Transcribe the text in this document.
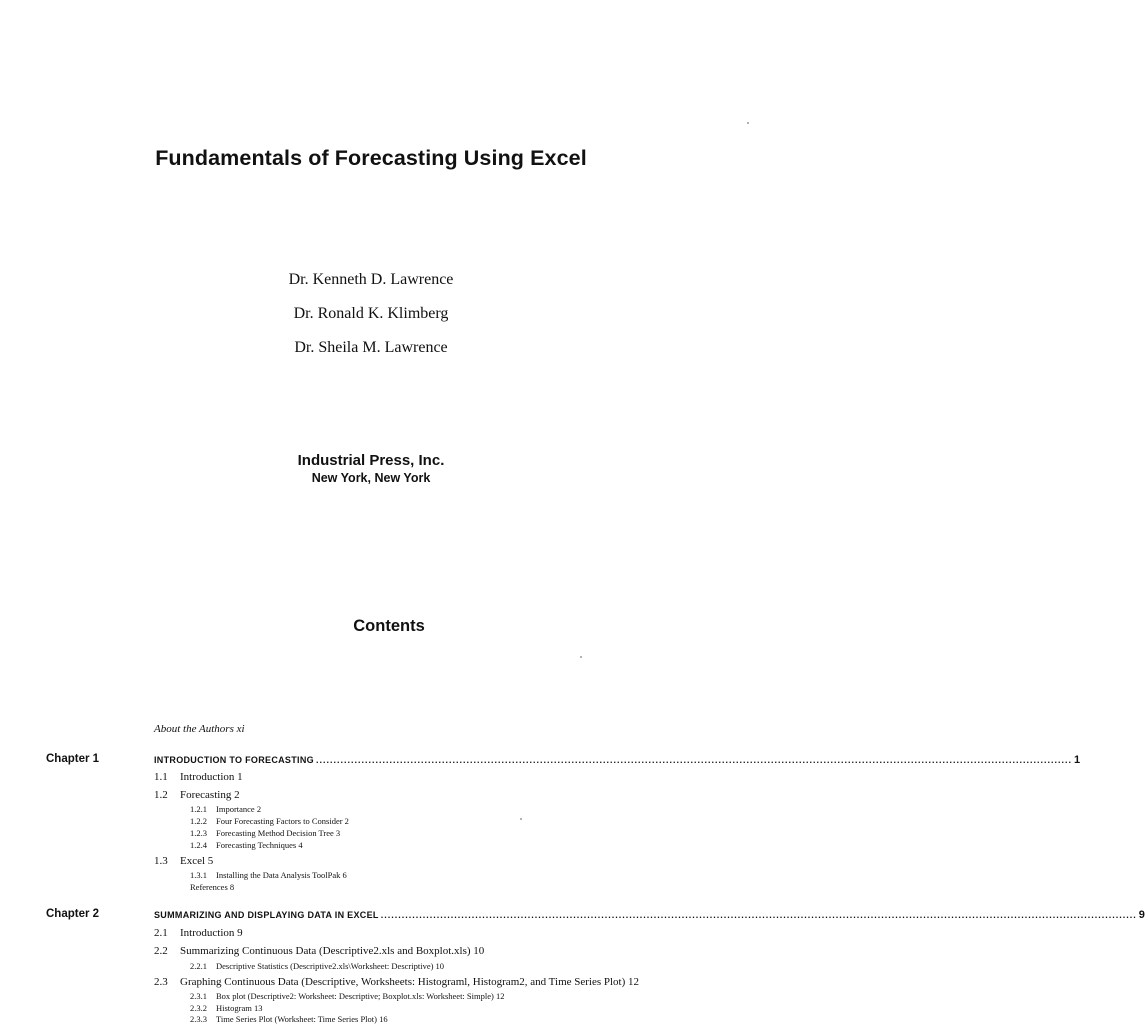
Fundamentals of Forecasting Using Excel
Dr. Kenneth D. Lawrence
Dr. Ronald K. Klimberg
Dr. Sheila M. Lawrence
Industrial Press, Inc.
New York, New York
Contents
About the Authors xi
Chapter 1	INTRODUCTION TO FORECASTING ........................................................................................................................................................................................................................ 1
1.1 Introduction 1
1.2 Forecasting 2
1.2.1 Importance 2
1.2.2 Four Forecasting Factors to Consider 2
1.2.3 Forecasting Method Decision Tree 3
1.2.4 Forecasting Techniques 4
1.3 Excel 5
1.3.1 Installing the Data Analysis ToolPak 6
References 8
Chapter 2	SUMMARIZING AND DISPLAYING DATA IN EXCEL ........................................................................................................................................................................................................................ 9
2.1 Introduction 9
2.2 Summarizing Continuous Data (Descriptive2.xls and Boxplot.xls) 10
2.2.1 Descriptive Statistics (Descriptive2.xls\Worksheet: Descriptive) 10
2.3 Graphing Continuous Data (Descriptive, Worksheets: Histograml, Histogram2, and Time Series Plot) 12
2.3.1 Box plot (Descriptive2: Worksheet: Descriptive; Boxplot.xls: Worksheet: Simple) 12
2.3.2 Histogram 13
2.3.3 Time Series Plot (Worksheet: Time Series Plot) 16
